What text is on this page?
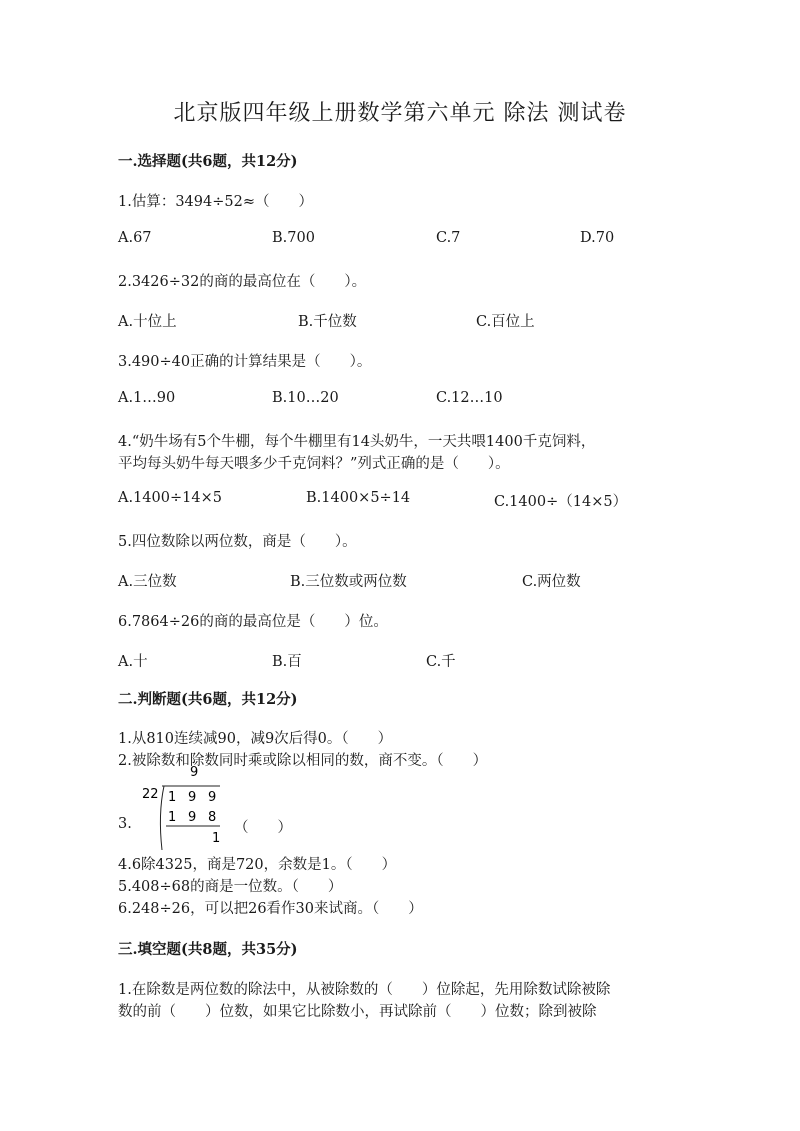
北京版四年级上册数学第六单元 除法 测试卷
一.选择题(共6题，共12分)
1.估算：3494÷52≈（　　）
A.67	B.700	C.7	D.70
2.3426÷32的商的最高位在（　　）。
A.十位上	B.千位数	C.百位上
3.490÷40正确的计算结果是（　　）。
A.1…90	B.10…20	C.12…10
4.“奶牛场有5个牛棚，每个牛棚里有14头奶牛，一天共喂1400千克饲料，
平均每头奶牛每天喂多少千克饲料？”列式正确的是（　　）。
A.1400÷14×5	B.1400×5÷14	C.1400÷（14×5）
5.四位数除以两位数，商是（　　）。
A.三位数	B.三位数或两位数	C.两位数
6.7864÷26的商的最高位是（　　）位。
A.十	B.百	C.千
二.判断题(共6题，共12分)
1.从810连续减90，减9次后得0。（　　）
2.被除数和除数同时乘或除以相同的数，商不变。（　　）
3.
9
22 1 9 9
1 9 8
1
（　　）
4.6除4325，商是720，余数是1。（　　）
5.408÷68的商是一位数。（　　）
6.248÷26，可以把26看作30来试商。（　　）
三.填空题(共8题，共35分)
1.在除数是两位数的除法中，从被除数的（　　）位除起，先用除数试除被除
数的前（　　）位数，如果它比除数小，再试除前（　　）位数；除到被除
